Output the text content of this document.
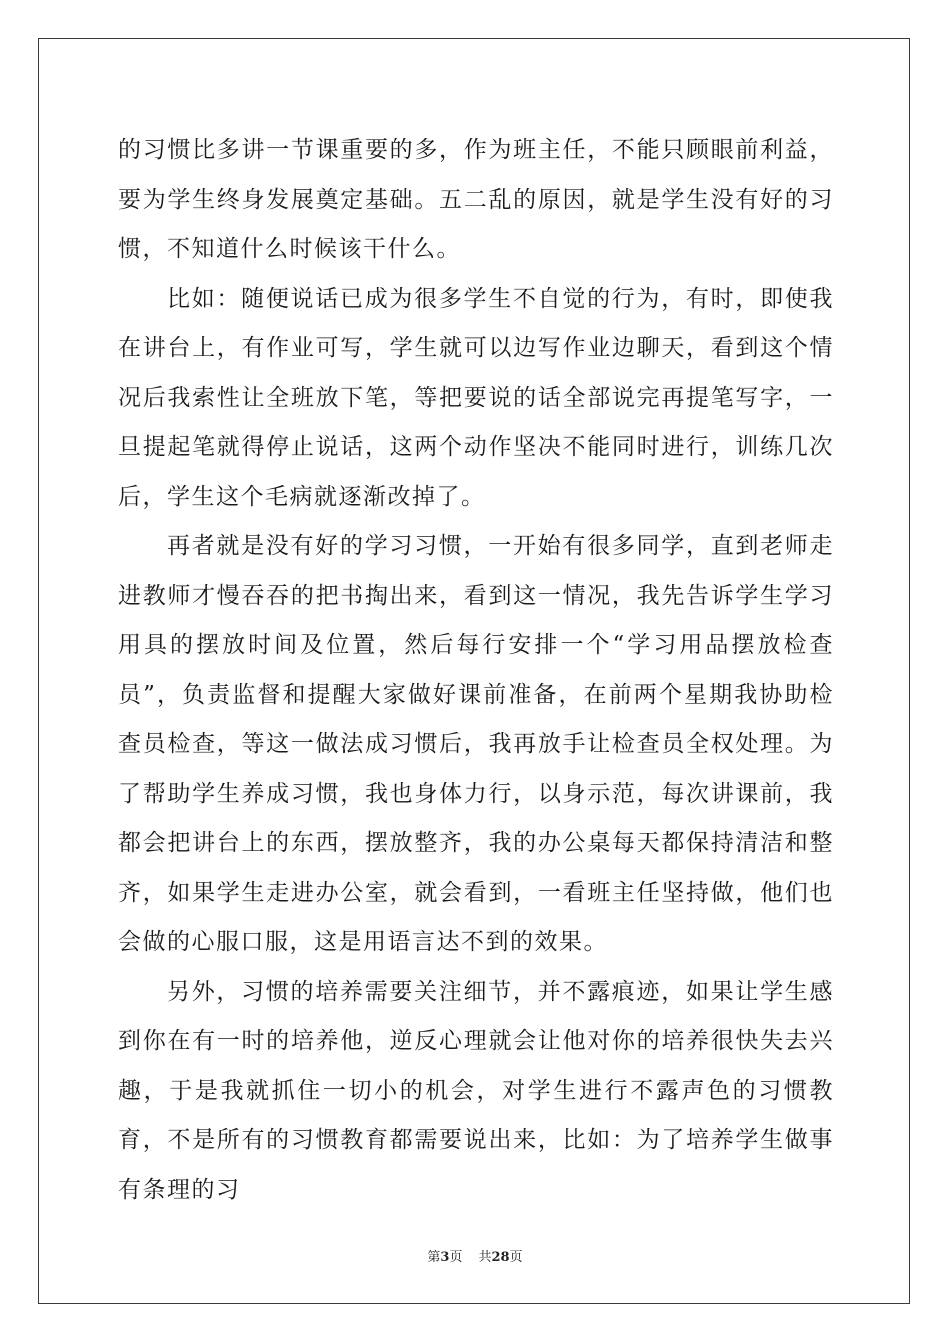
的习惯比多讲一节课重要的多，作为班主任，不能只顾眼前利益，要为学生终身发展奠定基础。五二乱的原因，就是学生没有好的习惯，不知道什么时候该干什么。

比如：随便说话已成为很多学生不自觉的行为，有时，即使我在讲台上，有作业可写，学生就可以边写作业边聊天，看到这个情况后我索性让全班放下笔，等把要说的话全部说完再提笔写字，一旦提起笔就得停止说话，这两个动作坚决不能同时进行，训练几次后，学生这个毛病就逐渐改掉了。

再者就是没有好的学习习惯，一开始有很多同学，直到老师走进教师才慢吞吞的把书掏出来，看到这一情况，我先告诉学生学习用具的摆放时间及位置，然后每行安排一个“学习用品摆放检查员”，负责监督和提醒大家做好课前准备，在前两个星期我协助检查员检查，等这一做法成习惯后，我再放手让检查员全权处理。为了帮助学生养成习惯，我也身体力行，以身示范，每次讲课前，我都会把讲台上的东西，摆放整齐，我的办公桌每天都保持清洁和整齐，如果学生走进办公室，就会看到，一看班主任坚持做，他们也会做的心服口服，这是用语言达不到的效果。

另外，习惯的培养需要关注细节，并不露痕迹，如果让学生感到你在有一时的培养他，逆反心理就会让他对你的培养很快失去兴趣，于是我就抓住一切小的机会，对学生进行不露声色的习惯教育，不是所有的习惯教育都需要说出来，比如：为了培养学生做事有条理的习

第3页 共28页
